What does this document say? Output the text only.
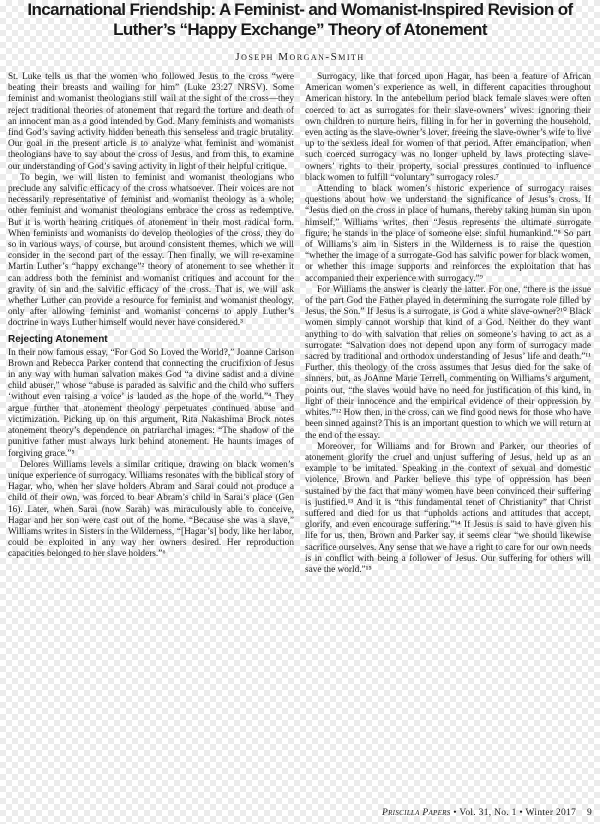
Incarnational Friendship: A Feminist- and Womanist-Inspired Revision of Luther’s “Happy Exchange” Theory of Atonement
Joseph Morgan-Smith

St. Luke tells us that the women who followed Jesus to the cross “were beating their breasts and wailing for him” (Luke 23:27 NRSV). Some feminist and womanist theologians still wail at the sight of the cross—they reject traditional theories of atonement that regard the torture and death of an innocent man as a good intended by God. Many feminists and womanists find God’s saving activity hidden beneath this senseless and tragic brutality. Our goal in the present article is to analyze what feminist and womanist theologians have to say about the cross of Jesus, and from this, to examine our understanding of God’s saving activity in light of their helpful critique.

To begin, we will listen to feminist and womanist theologians who preclude any salvific efficacy of the cross whatsoever. Their voices are not necessarily representative of feminist and womanist theology as a whole; other feminist and womanist theologians embrace the cross as redemptive. But it is worth hearing critiques of atonement in their most radical form. When feminists and womanists do develop theologies of the cross, they do so in various ways, of course, but around consistent themes, which we will consider in the second part of the essay. Then finally, we will re-examine Martin Luther’s “happy exchange”² theory of atonement to see whether it can address both the feminist and womanist critiques and account for the gravity of sin and the salvific efficacy of the cross. That is, we will ask whether Luther can provide a resource for feminist and womanist theology, only after allowing feminist and womanist concerns to apply Luther’s doctrine in ways Luther himself would never have considered.³

Rejecting Atonement

In their now famous essay, “For God So Loved the World?,” Joanne Carlson Brown and Rebecca Parker contend that connecting the crucifixion of Jesus in any way with human salvation makes God “a divine sadist and a divine child abuser,” whose “abuse is paraded as salvific and the child who suffers ‘without even raising a voice’ is lauded as the hope of the world.”⁴ They argue further that atonement theology perpetuates continued abuse and victimization. Picking up on this argument, Rita Nakashima Brock notes atonement theory’s dependence on patriarchal images: “The shadow of the punitive father must always lurk behind atonement. He haunts images of forgiving grace.”⁵

Delores Williams levels a similar critique, drawing on black women’s unique experience of surrogacy. Williams resonates with the biblical story of Hagar, who, when her slave holders Abram and Sarai could not produce a child of their own, was forced to bear Abram’s child in Sarai’s place (Gen 16). Later, when Sarai (now Sarah) was miraculously able to conceive, Hagar and her son were cast out of the home. “Because she was a slave,” Williams writes in Sisters in the Wilderness, “[Hagar’s] body, like her labor, could be exploited in any way her owners desired. Her reproduction capacities belonged to her slave holders.”⁶

Surrogacy, like that forced upon Hagar, has been a feature of African American women’s experience as well, in different capacities throughout American history. In the antebellum period black female slaves were often coerced to act as surrogates for their slave-owners’ wives: ignoring their own children to nurture heirs, filling in for her in governing the household, even acting as the slave-owner’s lover, freeing the slave-owner’s wife to live up to the sexless ideal for women of that period. After emancipation, when such coerced surrogacy was no longer upheld by laws protecting slave-owners’ rights to their property, social pressures continued to influence black women to fulfill “voluntary” surrogacy roles.⁷

Attending to black women’s historic experience of surrogacy raises questions about how we understand the significance of Jesus’s cross. If “Jesus died on the cross in place of humans, thereby taking human sin upon himself,” Williams writes, then “Jesus represents the ultimate surrogate figure; he stands in the place of someone else: sinful humankind.”⁸ So part of Williams’s aim in Sisters in the Wilderness is to raise the question “whether the image of a surrogate-God has salvific power for black women, or whether this image supports and reinforces the exploitation that has accompanied their experience with surrogacy.”⁹

For Williams the answer is clearly the latter. For one, “there is the issue of the part God the Father played in determining the surrogate role filled by Jesus, the Son.” If Jesus is a surrogate, is God a white slave-owner?¹⁰ Black women simply cannot worship that kind of a God. Neither do they want anything to do with salvation that relies on someone’s having to act as a surrogate: “Salvation does not depend upon any form of surrogacy made sacred by traditional and orthodox understanding of Jesus’ life and death.”¹¹ Further, this theology of the cross assumes that Jesus died for the sake of sinners, but, as JoAnne Marie Terrell, commenting on Williams’s argument, points out, “the slaves would have no need for justification of this kind, in light of their innocence and the empirical evidence of their oppression by whites.”¹² How then, in the cross, can we find good news for those who have been sinned against? This is an important question to which we will return at the end of the essay.

Moreover, for Williams and for Brown and Parker, our theories of atonement glorify the cruel and unjust suffering of Jesus, held up as an example to be imitated. Speaking in the context of sexual and domestic violence, Brown and Parker believe this type of oppression has been sustained by the fact that many women have been convinced their suffering is justified.¹³ And it is “this fundamental tenet of Christianity” that Christ suffered and died for us that “upholds actions and attitudes that accept, glorify, and even encourage suffering.”¹⁴ If Jesus is said to have given his life for us, then, Brown and Parker say, it seems clear “we should likewise sacrifice ourselves. Any sense that we have a right to care for our own needs is in conflict with being a follower of Jesus. Our suffering for others will save the world.”¹⁵

Priscilla Papers • Vol. 31, No. 1 • Winter 2017 9
